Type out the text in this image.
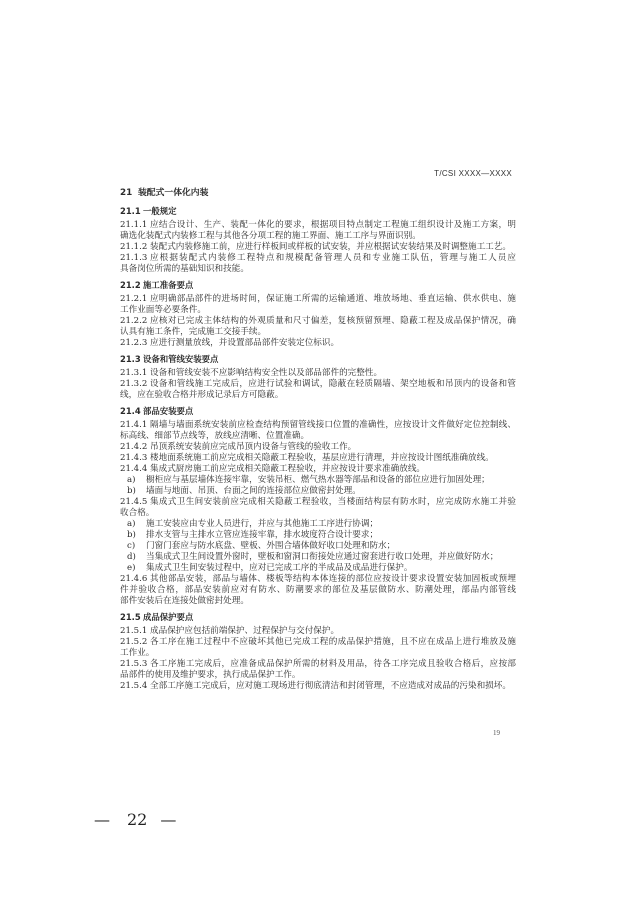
T/CSI XXXX—XXXX
21 装配式一体化内装
21.1 一般规定
21.1.1 应结合设计、生产、装配一体化的要求，根据项目特点制定工程施工组织设计及施工方案，明
确选化装配式内装修工程与其他各分项工程的施工界面、施工工序与界面识别。
21.1.2 装配式内装修施工前，应进行样板间或样板的试安装，并应根据试安装结果及时调整施工工艺。
21.1.3 应根据装配式内装修工程特点和规模配备管理人员和专业施工队伍，管理与施工人员应
具备岗位所需的基础知识和技能。
21.2 施工准备要点
21.2.1 应明确部品部件的进场时间，保证施工所需的运输通道、堆放场地、垂直运输、供水供电、施
工作业面等必要条件。
21.2.2 应核对已完成主体结构的外观质量和尺寸偏差，复核预留预埋、隐蔽工程及成品保护情况，确
认具有施工条件，完成施工交接手续。
21.2.3 应进行测量放线，并设置部品部件安装定位标识。
21.3 设备和管线安装要点
21.3.1 设备和管线安装不应影响结构安全性以及部品部件的完整性。
21.3.2 设备和管线施工完成后，应进行试验和调试，隐蔽在轻质隔墙、架空地板和吊顶内的设备和管
线，应在验收合格并形成记录后方可隐蔽。
21.4 部品安装要点
21.4.1 隔墙与墙面系统安装前应检查结构预留管线接口位置的准确性，应按设计文件做好定位控制线、
标高线、细部节点线等，放线应清晰、位置准确。
21.4.2 吊顶系统安装前应完成吊顶内设备与管线的验收工作。
21.4.3 楼地面系统施工前应完成相关隐蔽工程验收，基层应进行清理，并应按设计图纸准确放线。
21.4.4 集成式厨房施工前应完成相关隐蔽工程验收，并应按设计要求准确放线。
a)	橱柜应与基层墙体连接牢靠，安装吊柜、燃气热水器等部品和设备的部位应进行加固处理；
b)	墙面与地面、吊顶、台面之间的连接部位应做密封处理。
21.4.5 集成式卫生间安装前应完成相关隐蔽工程验收，当楼面结构层有防水时，应完成防水施工并验
收合格。
a)	施工安装应由专业人员进行，并应与其他施工工序进行协调；
b)	排水支管与主排水立管应连接牢靠，排水坡度符合设计要求；
c)	门窗门套应与防水底盘、壁板、外围合墙体做好收口处理和防水；
d)	当集成式卫生间设置外窗时，壁板和窗洞口衔接处应通过窗套进行收口处理，并应做好防水；
e)	集成式卫生间安装过程中，应对已完成工序的半成品及成品进行保护。
21.4.6 其他部品安装，部品与墙体、楼板等结构本体连接的部位应按设计要求设置安装加固板或预埋
件并验收合格，部品安装前应对有防水、防潮要求的部位及基层做防水、防潮处理，部品内部管线
部件安装后在连接处做密封处理。
21.5 成品保护要点
21.5.1 成品保护应包括前端保护、过程保护与交付保护。
21.5.2 各工序在施工过程中不应破坏其他已完成工程的成品保护措施，且不应在成品上进行堆放及施
工作业。
21.5.3 各工序施工完成后，应准备成品保护所需的材料及用品，待各工序完成且验收合格后，应按部
品部件的使用及维护要求，执行成品保护工作。
21.5.4 全部工序施工完成后，应对施工现场进行彻底清洁和封闭管理，不应造成对成品的污染和损坏。
19
— 22 —
